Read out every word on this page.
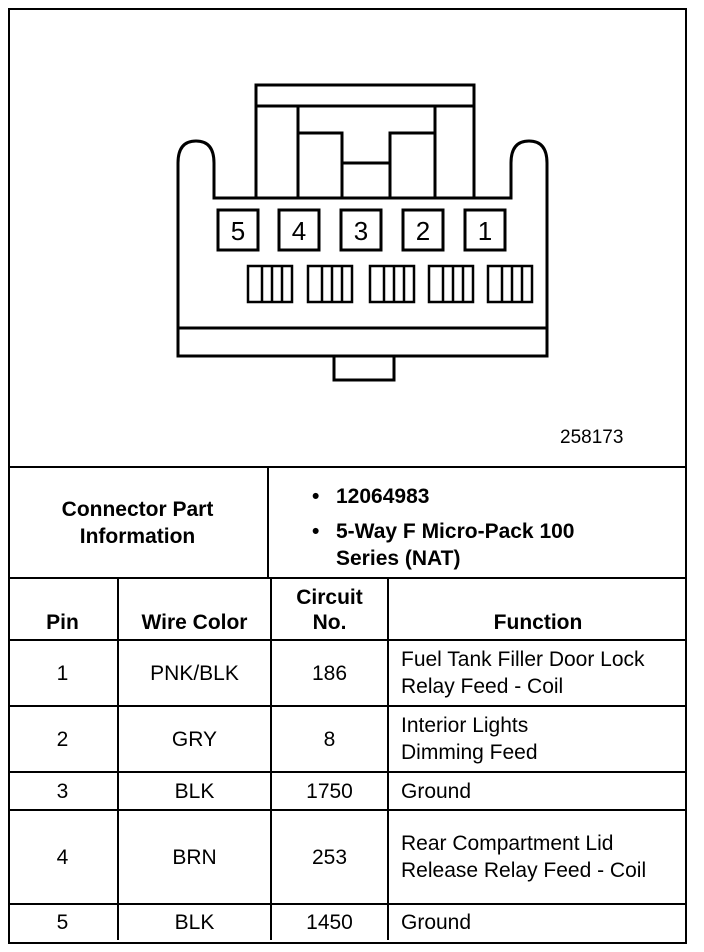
5 4 3 2 1
258173
Connector Part Information
• 12064983
• 5-Way F Micro-Pack 100 Series (NAT)
Pin	Wire Color	Circuit No.	Function
1	PNK/BLK	186	Fuel Tank Filler Door Lock Relay Feed - Coil
2	GRY	8	Interior Lights Dimming Feed
3	BLK	1750	Ground
4	BRN	253	Rear Compartment Lid Release Relay Feed - Coil
5	BLK	1450	Ground
